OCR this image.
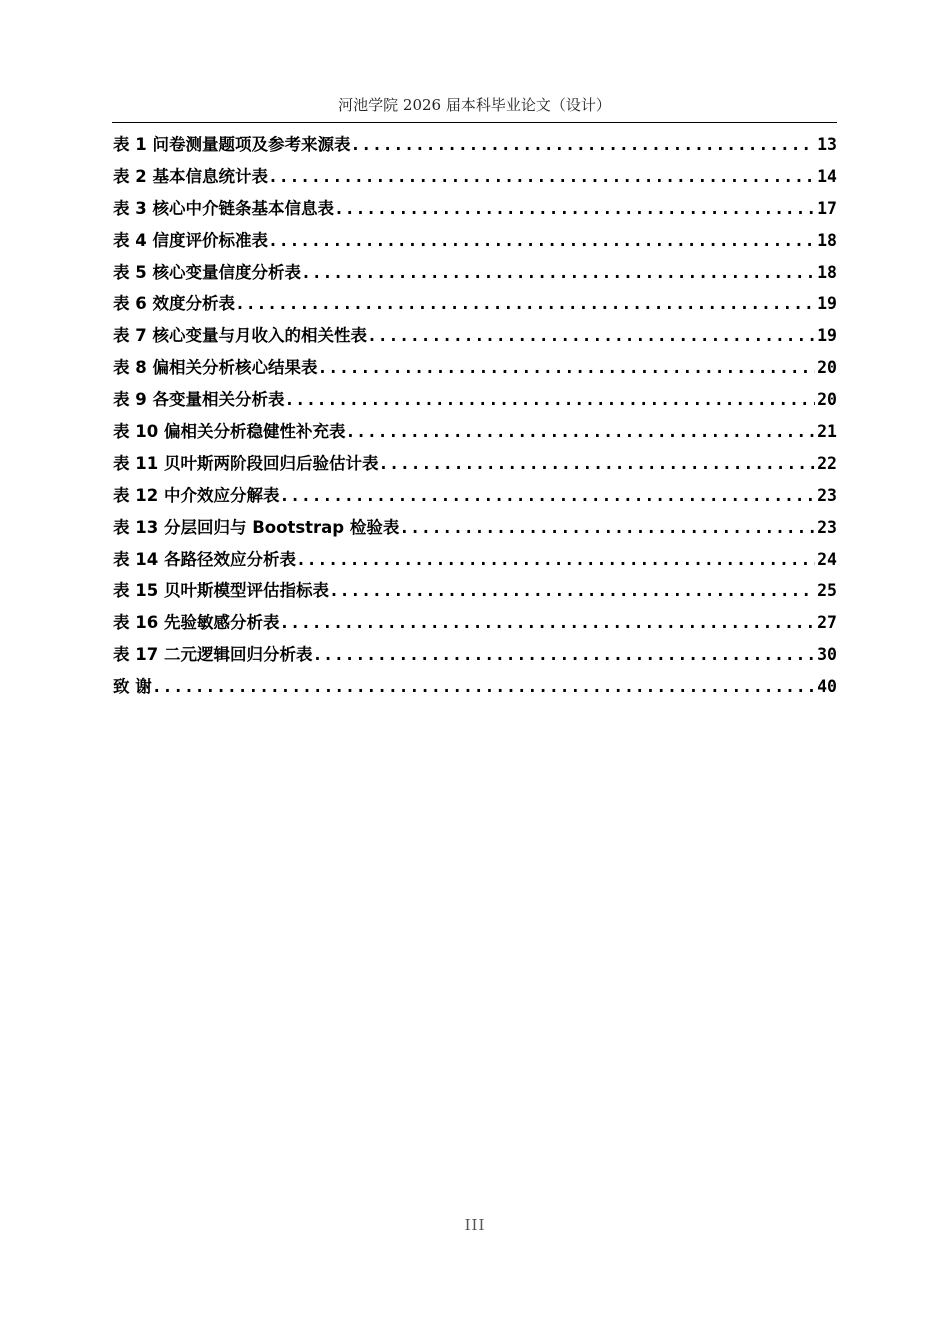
河池学院 2026 届本科毕业论文（设计）
表 1 问卷测量题项及参考来源表 .....	13
表 2 基本信息统计表 .....	14
表 3 核心中介链条基本信息表 .....	17
表 4 信度评价标准表 .....	18
表 5 核心变量信度分析表 .....	18
表 6 效度分析表 .....	19
表 7 核心变量与月收入的相关性表 .....	19
表 8 偏相关分析核心结果表 .....	20
表 9 各变量相关分析表 .....	20
表 10 偏相关分析稳健性补充表 .....	21
表 11 贝叶斯两阶段回归后验估计表 .....	22
表 12 中介效应分解表 .....	23
表 13 分层回归与 Bootstrap 检验表 .....	23
表 14 各路径效应分析表 .....	24
表 15 贝叶斯模型评估指标表 .....	25
表 16 先验敏感分析表 .....	27
表 17 二元逻辑回归分析表 .....	30
致 谢 .....	40
III
